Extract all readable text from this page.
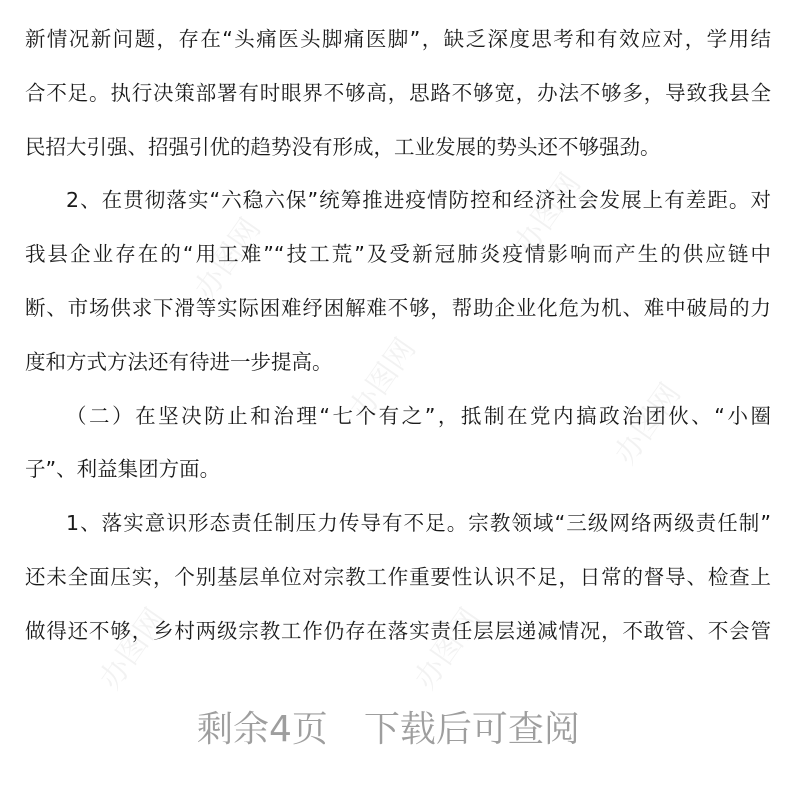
办图网	办图网
办图网	办图网
办图网	办图网
新情况新问题，存在“头痛医头脚痛医脚”，缺乏深度思考和有效应对，学用结
合不足。执行决策部署有时眼界不够高，思路不够宽，办法不够多，导致我县全
民招大引强、招强引优的趋势没有形成，工业发展的势头还不够强劲。
2、在贯彻落实“六稳六保”统筹推进疫情防控和经济社会发展上有差距。对
我县企业存在的“用工难”“技工荒”及受新冠肺炎疫情影响而产生的供应链中
断、市场供求下滑等实际困难纾困解难不够，帮助企业化危为机、难中破局的力
度和方式方法还有待进一步提高。
（二）在坚决防止和治理“七个有之”，抵制在党内搞政治团伙、“小圈
子”、利益集团方面。
1、落实意识形态责任制压力传导有不足。宗教领域“三级网络两级责任制”
还未全面压实，个别基层单位对宗教工作重要性认识不足，日常的督导、检查上
做得还不够，乡村两级宗教工作仍存在落实责任层层递减情况，不敢管、不会管
剩余4页 下载后可查阅
